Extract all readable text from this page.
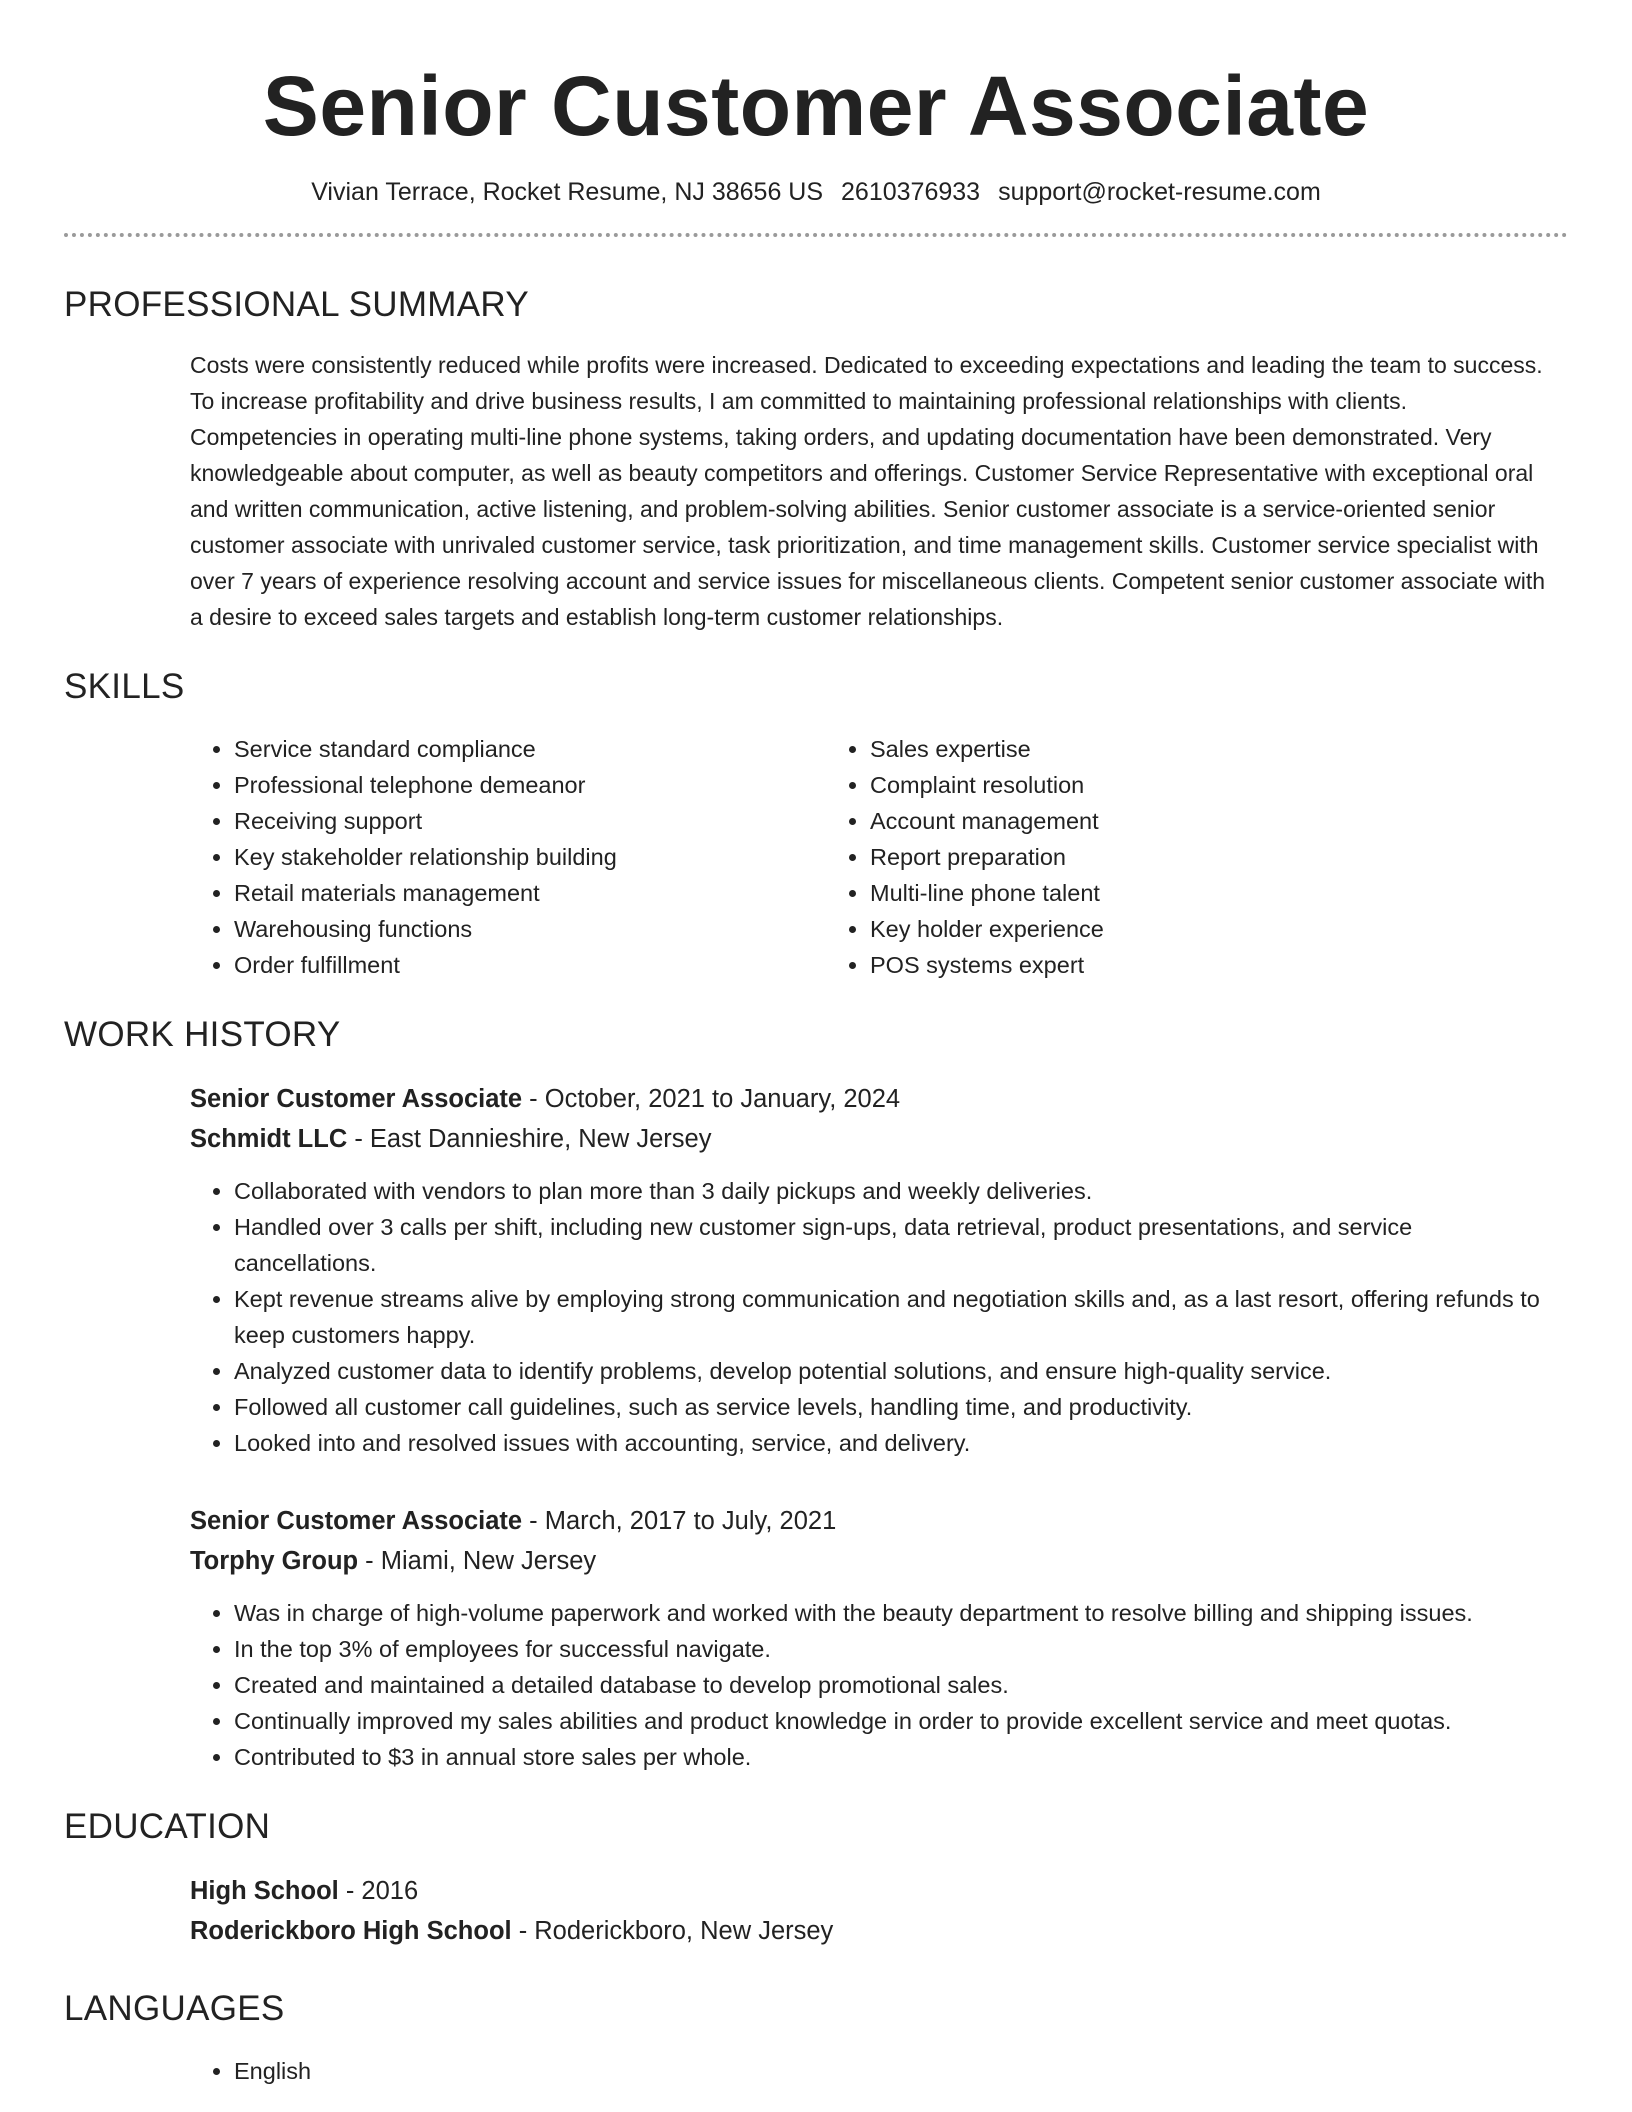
Senior Customer Associate
Vivian Terrace, Rocket Resume, NJ 38656 US 2610376933 support@rocket-resume.com
PROFESSIONAL SUMMARY

Costs were consistently reduced while profits were increased. Dedicated to exceeding expectations and leading the team to success. To increase profitability and drive business results, I am committed to maintaining professional relationships with clients. Competencies in operating multi-line phone systems, taking orders, and updating documentation have been demonstrated. Very knowledgeable about computer, as well as beauty competitors and offerings. Customer Service Representative with exceptional oral and written communication, active listening, and problem-solving abilities. Senior customer associate is a service-oriented senior customer associate with unrivaled customer service, task prioritization, and time management skills. Customer service specialist with over 7 years of experience resolving account and service issues for miscellaneous clients. Competent senior customer associate with a desire to exceed sales targets and establish long-term customer relationships.

SKILLS
• Service standard compliance
• Professional telephone demeanor
• Receiving support
• Key stakeholder relationship building
• Retail materials management
• Warehousing functions
• Order fulfillment
• Sales expertise
• Complaint resolution
• Account management
• Report preparation
• Multi-line phone talent
• Key holder experience
• POS systems expert
WORK HISTORY
Senior Customer Associate - October, 2021 to January, 2024
Schmidt LLC - East Dannieshire, New Jersey
• Collaborated with vendors to plan more than 3 daily pickups and weekly deliveries.
• Handled over 3 calls per shift, including new customer sign-ups, data retrieval, product presentations, and service cancellations.
• Kept revenue streams alive by employing strong communication and negotiation skills and, as a last resort, offering refunds to keep customers happy.
• Analyzed customer data to identify problems, develop potential solutions, and ensure high-quality service.
• Followed all customer call guidelines, such as service levels, handling time, and productivity.
• Looked into and resolved issues with accounting, service, and delivery.
Senior Customer Associate - March, 2017 to July, 2021
Torphy Group - Miami, New Jersey
• Was in charge of high-volume paperwork and worked with the beauty department to resolve billing and shipping issues.
• In the top 3% of employees for successful navigate.
• Created and maintained a detailed database to develop promotional sales.
• Continually improved my sales abilities and product knowledge in order to provide excellent service and meet quotas.
• Contributed to $3 in annual store sales per whole.
EDUCATION
High School - 2016
Roderickboro High School - Roderickboro, New Jersey
LANGUAGES
• English
